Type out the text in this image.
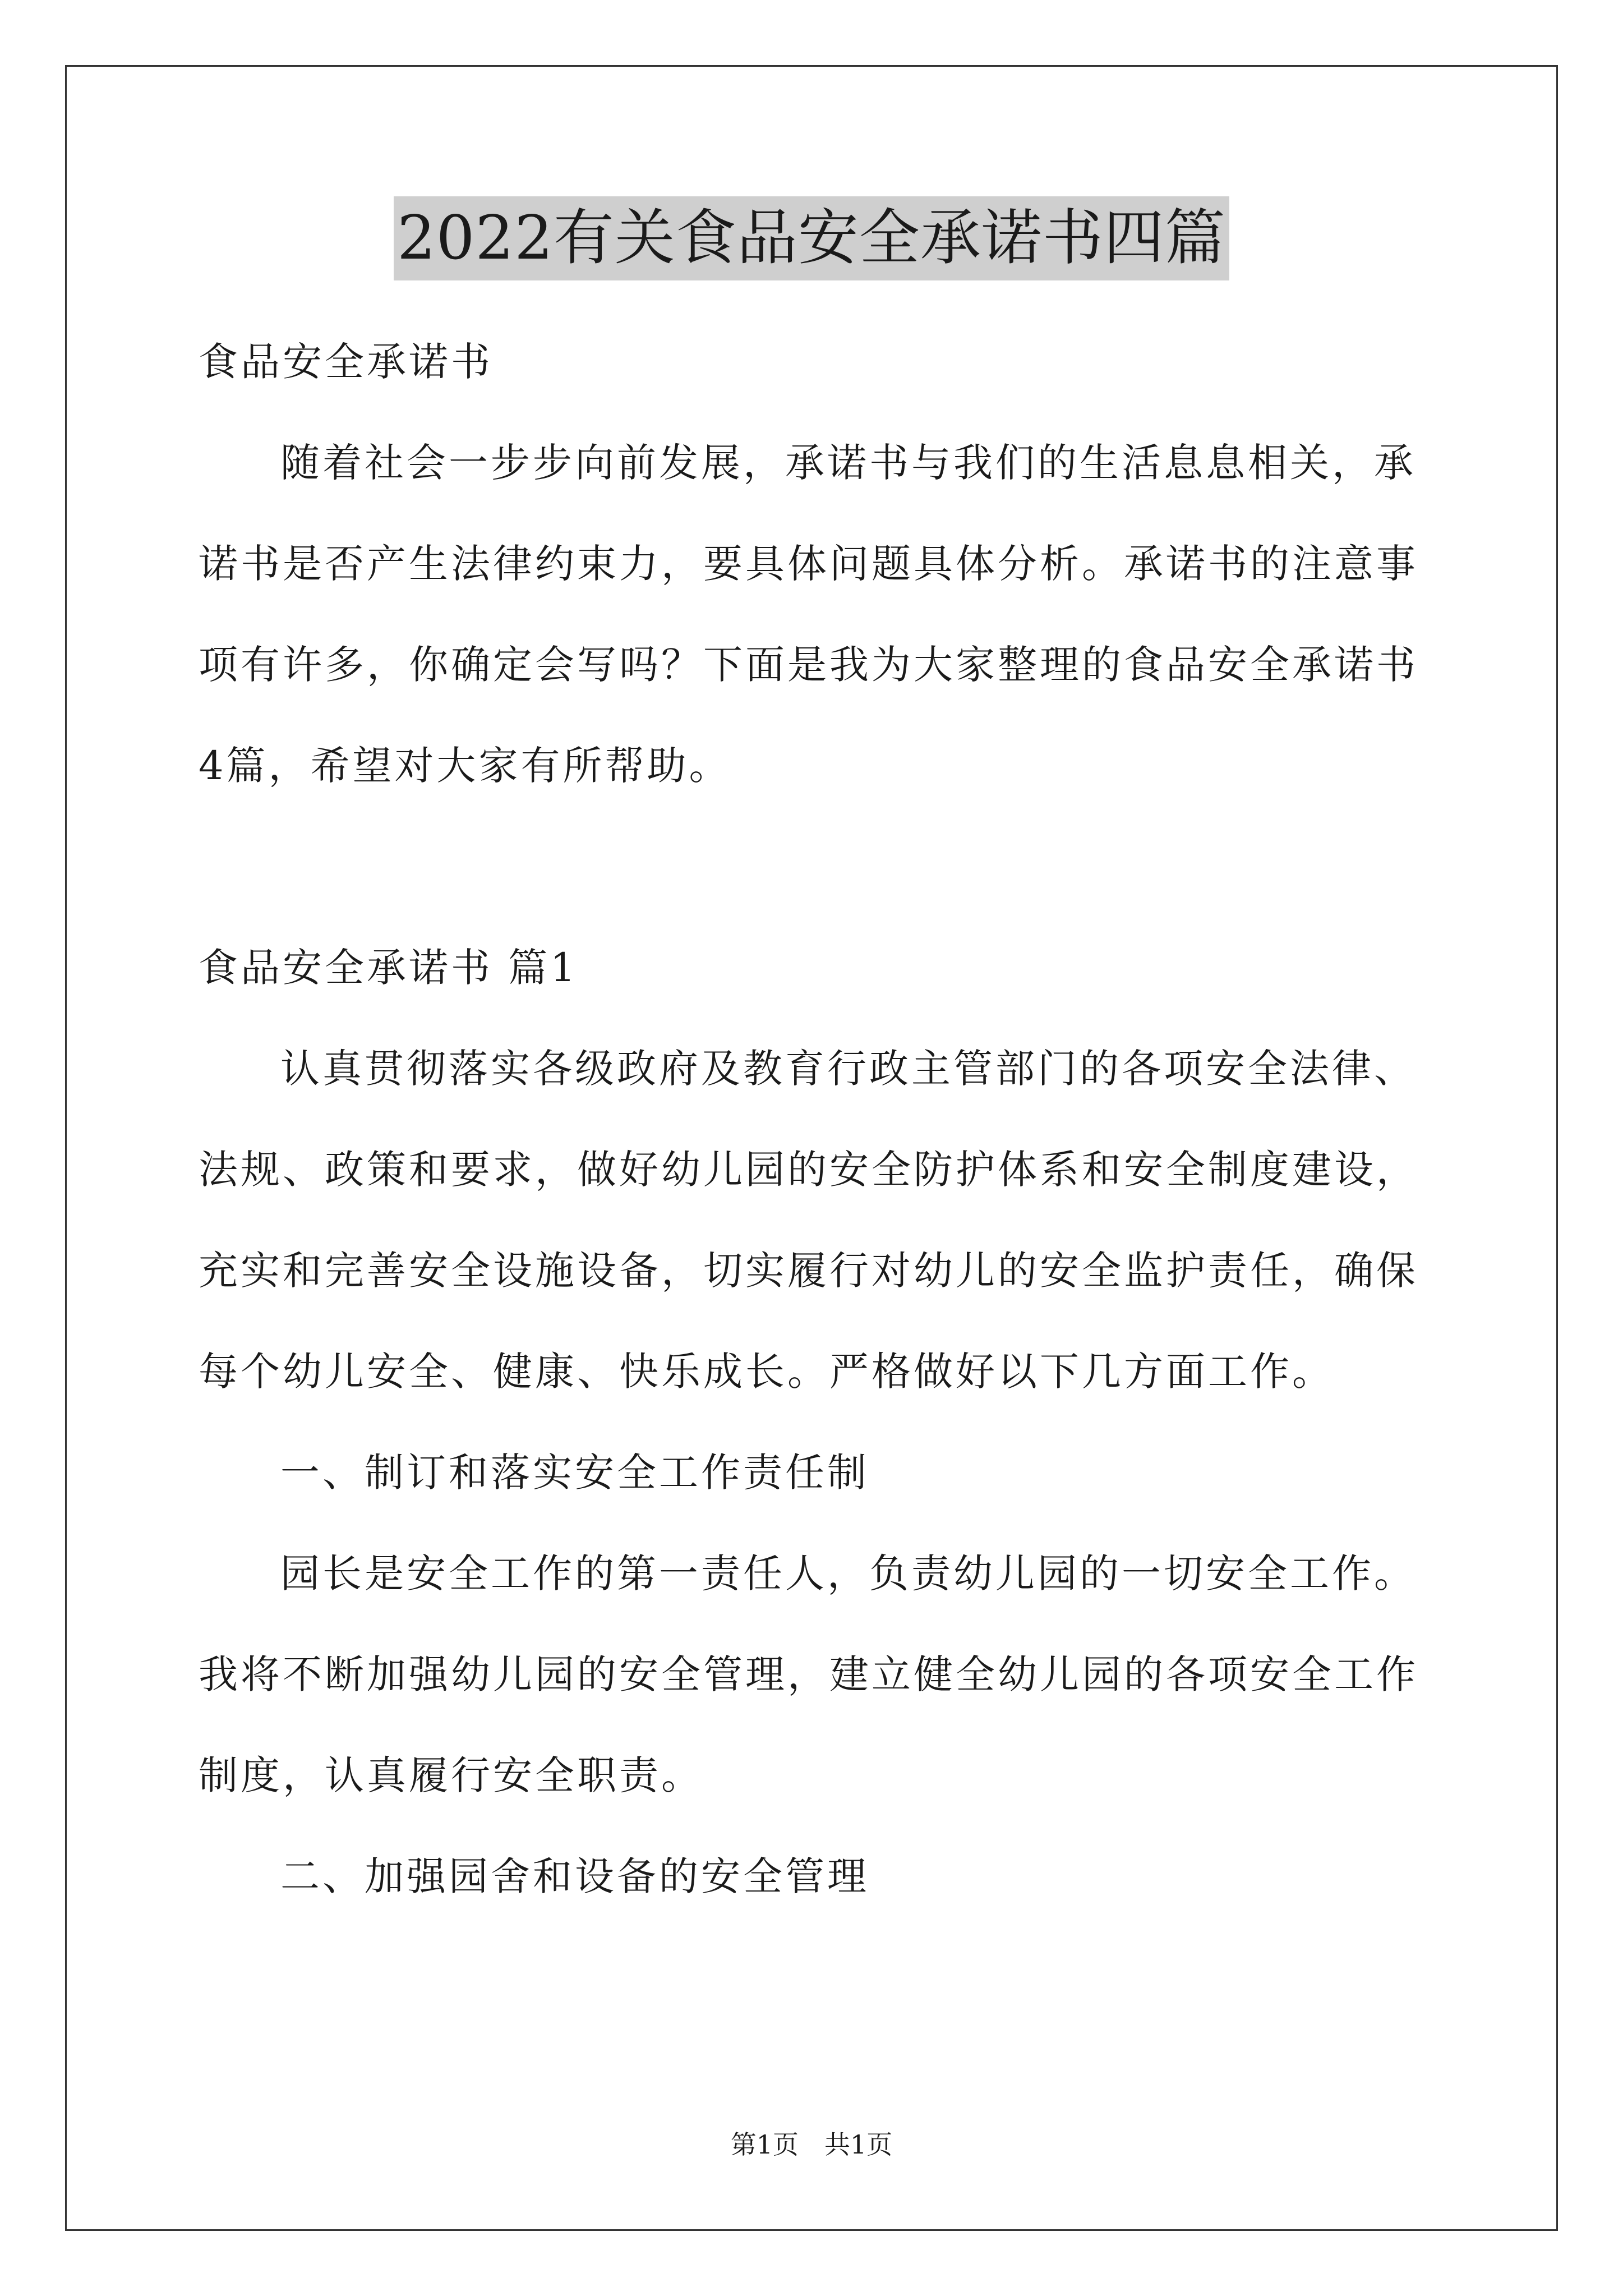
2022有关食品安全承诺书四篇

食品安全承诺书

随着社会一步步向前发展，承诺书与我们的生活息息相关，承诺书是否产生法律约束力，要具体问题具体分析。承诺书的注意事项有许多，你确定会写吗？下面是我为大家整理的食品安全承诺书4篇，希望对大家有所帮助。

食品安全承诺书 篇1

认真贯彻落实各级政府及教育行政主管部门的各项安全法律、法规、政策和要求，做好幼儿园的安全防护体系和安全制度建设，充实和完善安全设施设备，切实履行对幼儿的安全监护责任，确保每个幼儿安全、健康、快乐成长。严格做好以下几方面工作。

一、制订和落实安全工作责任制

园长是安全工作的第一责任人，负责幼儿园的一切安全工作。我将不断加强幼儿园的安全管理，建立健全幼儿园的各项安全工作制度，认真履行安全职责。

二、加强园舍和设备的安全管理

第1页　共1页
